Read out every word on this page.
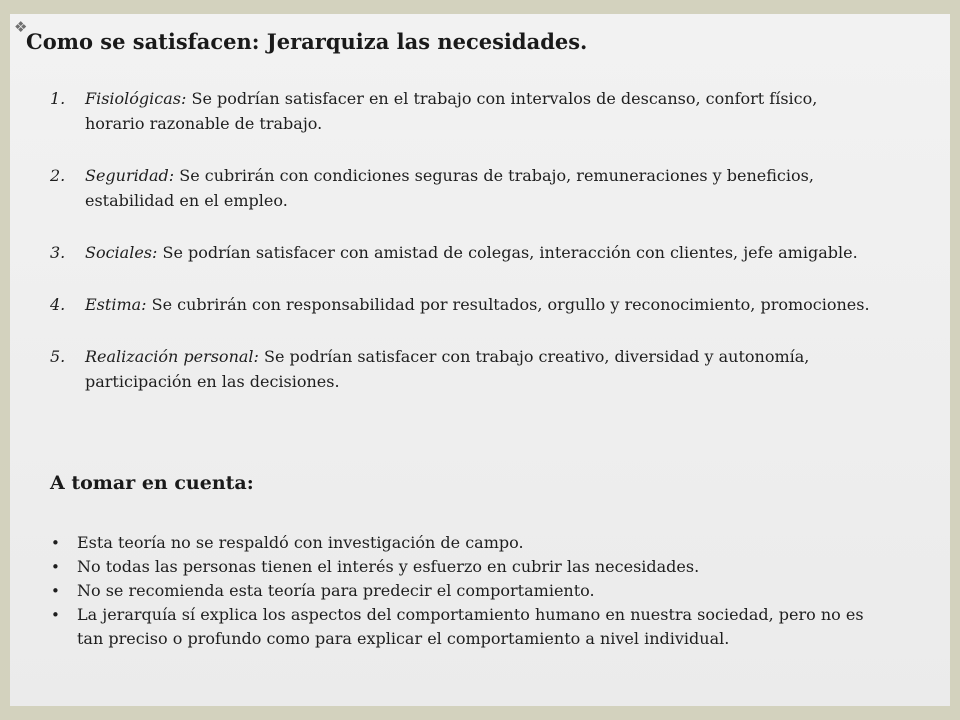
❖
Como se satisfacen: Jerarquiza las necesidades.
1. Fisiológicas: Se podrían satisfacer en el trabajo con intervalos de descanso, confort físico, horario razonable de trabajo.
2. Seguridad: Se cubrirán con condiciones seguras de trabajo, remuneraciones y beneficios, estabilidad en el empleo.
3. Sociales: Se podrían satisfacer con amistad de colegas, interacción con clientes, jefe amigable.
4. Estima: Se cubrirán con responsabilidad por resultados, orgullo y reconocimiento, promociones.
5. Realización personal: Se podrían satisfacer con trabajo creativo, diversidad y autonomía, participación en las decisiones.
A tomar en cuenta:
• Esta teoría no se respaldó con investigación de campo.
• No todas las personas tienen el interés y esfuerzo en cubrir las necesidades.
• No se recomienda esta teoría para predecir el comportamiento.
• La jerarquía sí explica los aspectos del comportamiento humano en nuestra sociedad, pero no es tan preciso o profundo como para explicar el comportamiento a nivel individual.
